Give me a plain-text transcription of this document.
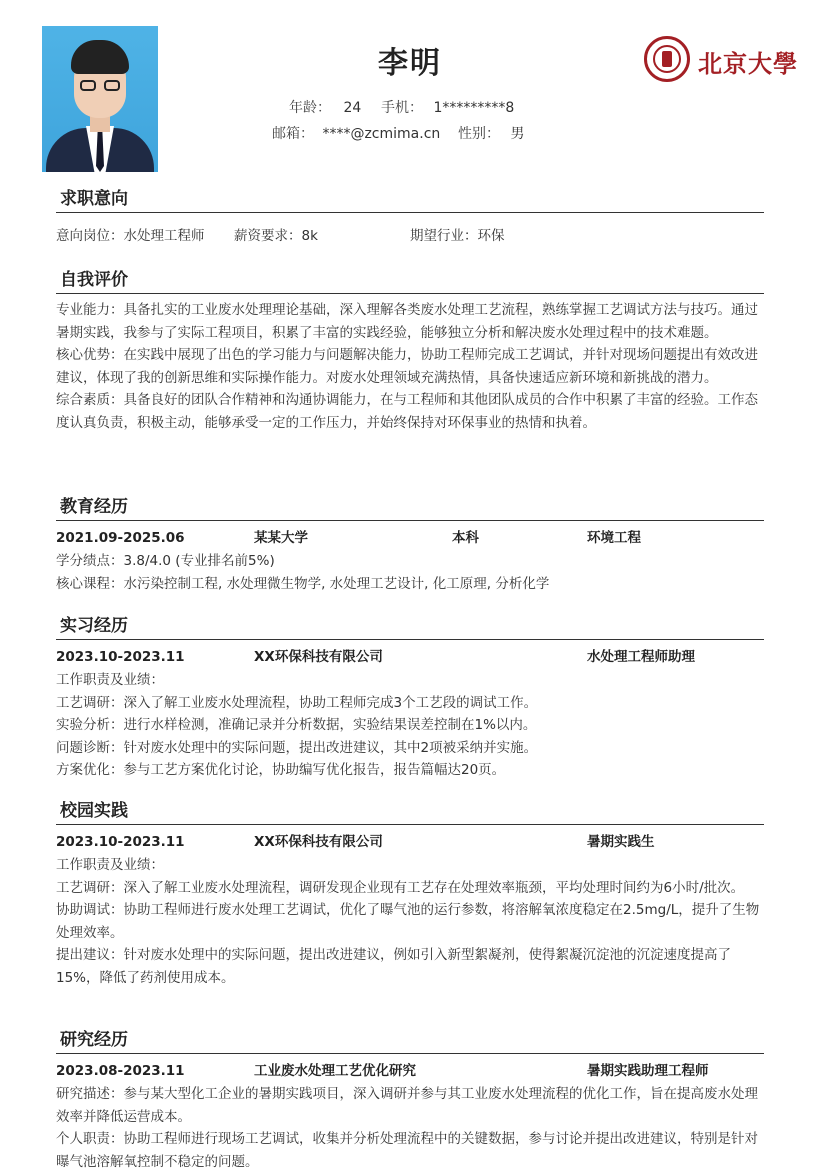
李明
年龄： 24 手机： 1*********8
邮箱： ****@zcmima.cn 性别： 男
北京大學
求职意向
意向岗位：水处理工程师 薪资要求：8k	期望行业：环保
自我评价

专业能力：具备扎实的工业废水处理理论基础，深入理解各类废水处理工艺流程，熟练掌握工艺调试方法与技巧。通过暑期实践，我参与了实际工程项目，积累了丰富的实践经验，能够独立分析和解决废水处理过程中的技术难题。

核心优势：在实践中展现了出色的学习能力与问题解决能力，协助工程师完成工艺调试，并针对现场问题提出有效改进建议，体现了我的创新思维和实际操作能力。对废水处理领域充满热情，具备快速适应新环境和新挑战的潜力。

综合素质：具备良好的团队合作精神和沟通协调能力，在与工程师和其他团队成员的合作中积累了丰富的经验。工作态度认真负责，积极主动，能够承受一定的工作压力，并始终保持对环保事业的热情和执着。

教育经历
2021.09-2025.06	某某大学	本科	环境工程

学分绩点：3.8/4.0 (专业排名前5%)

核心课程：水污染控制工程, 水处理微生物学, 水处理工艺设计, 化工原理, 分析化学

实习经历
2023.10-2023.11	XX环保科技有限公司	水处理工程师助理

工作职责及业绩：

工艺调研：深入了解工业废水处理流程，协助工程师完成3个工艺段的调试工作。

实验分析：进行水样检测，准确记录并分析数据，实验结果误差控制在1%以内。

问题诊断：针对废水处理中的实际问题，提出改进建议，其中2项被采纳并实施。

方案优化：参与工艺方案优化讨论，协助编写优化报告，报告篇幅达20页。

校园实践
2023.10-2023.11	XX环保科技有限公司	暑期实践生

工作职责及业绩：

工艺调研：深入了解工业废水处理流程，调研发现企业现有工艺存在处理效率瓶颈，平均处理时间约为6小时/批次。

协助调试：协助工程师进行废水处理工艺调试，优化了曝气池的运行参数，将溶解氧浓度稳定在2.5mg/L，提升了生物处理效率。

提出建议：针对废水处理中的实际问题，提出改进建议，例如引入新型絮凝剂，使得絮凝沉淀池的沉淀速度提高了15%，降低了药剂使用成本。

研究经历
2023.08-2023.11	工业废水处理工艺优化研究	暑期实践助理工程师

研究描述：参与某大型化工企业的暑期实践项目，深入调研并参与其工业废水处理流程的优化工作，旨在提高废水处理效率并降低运营成本。

个人职责：协助工程师进行现场工艺调试，收集并分析处理流程中的关键数据，参与讨论并提出改进建议，特别是针对曝气池溶解氧控制不稳定的问题。
